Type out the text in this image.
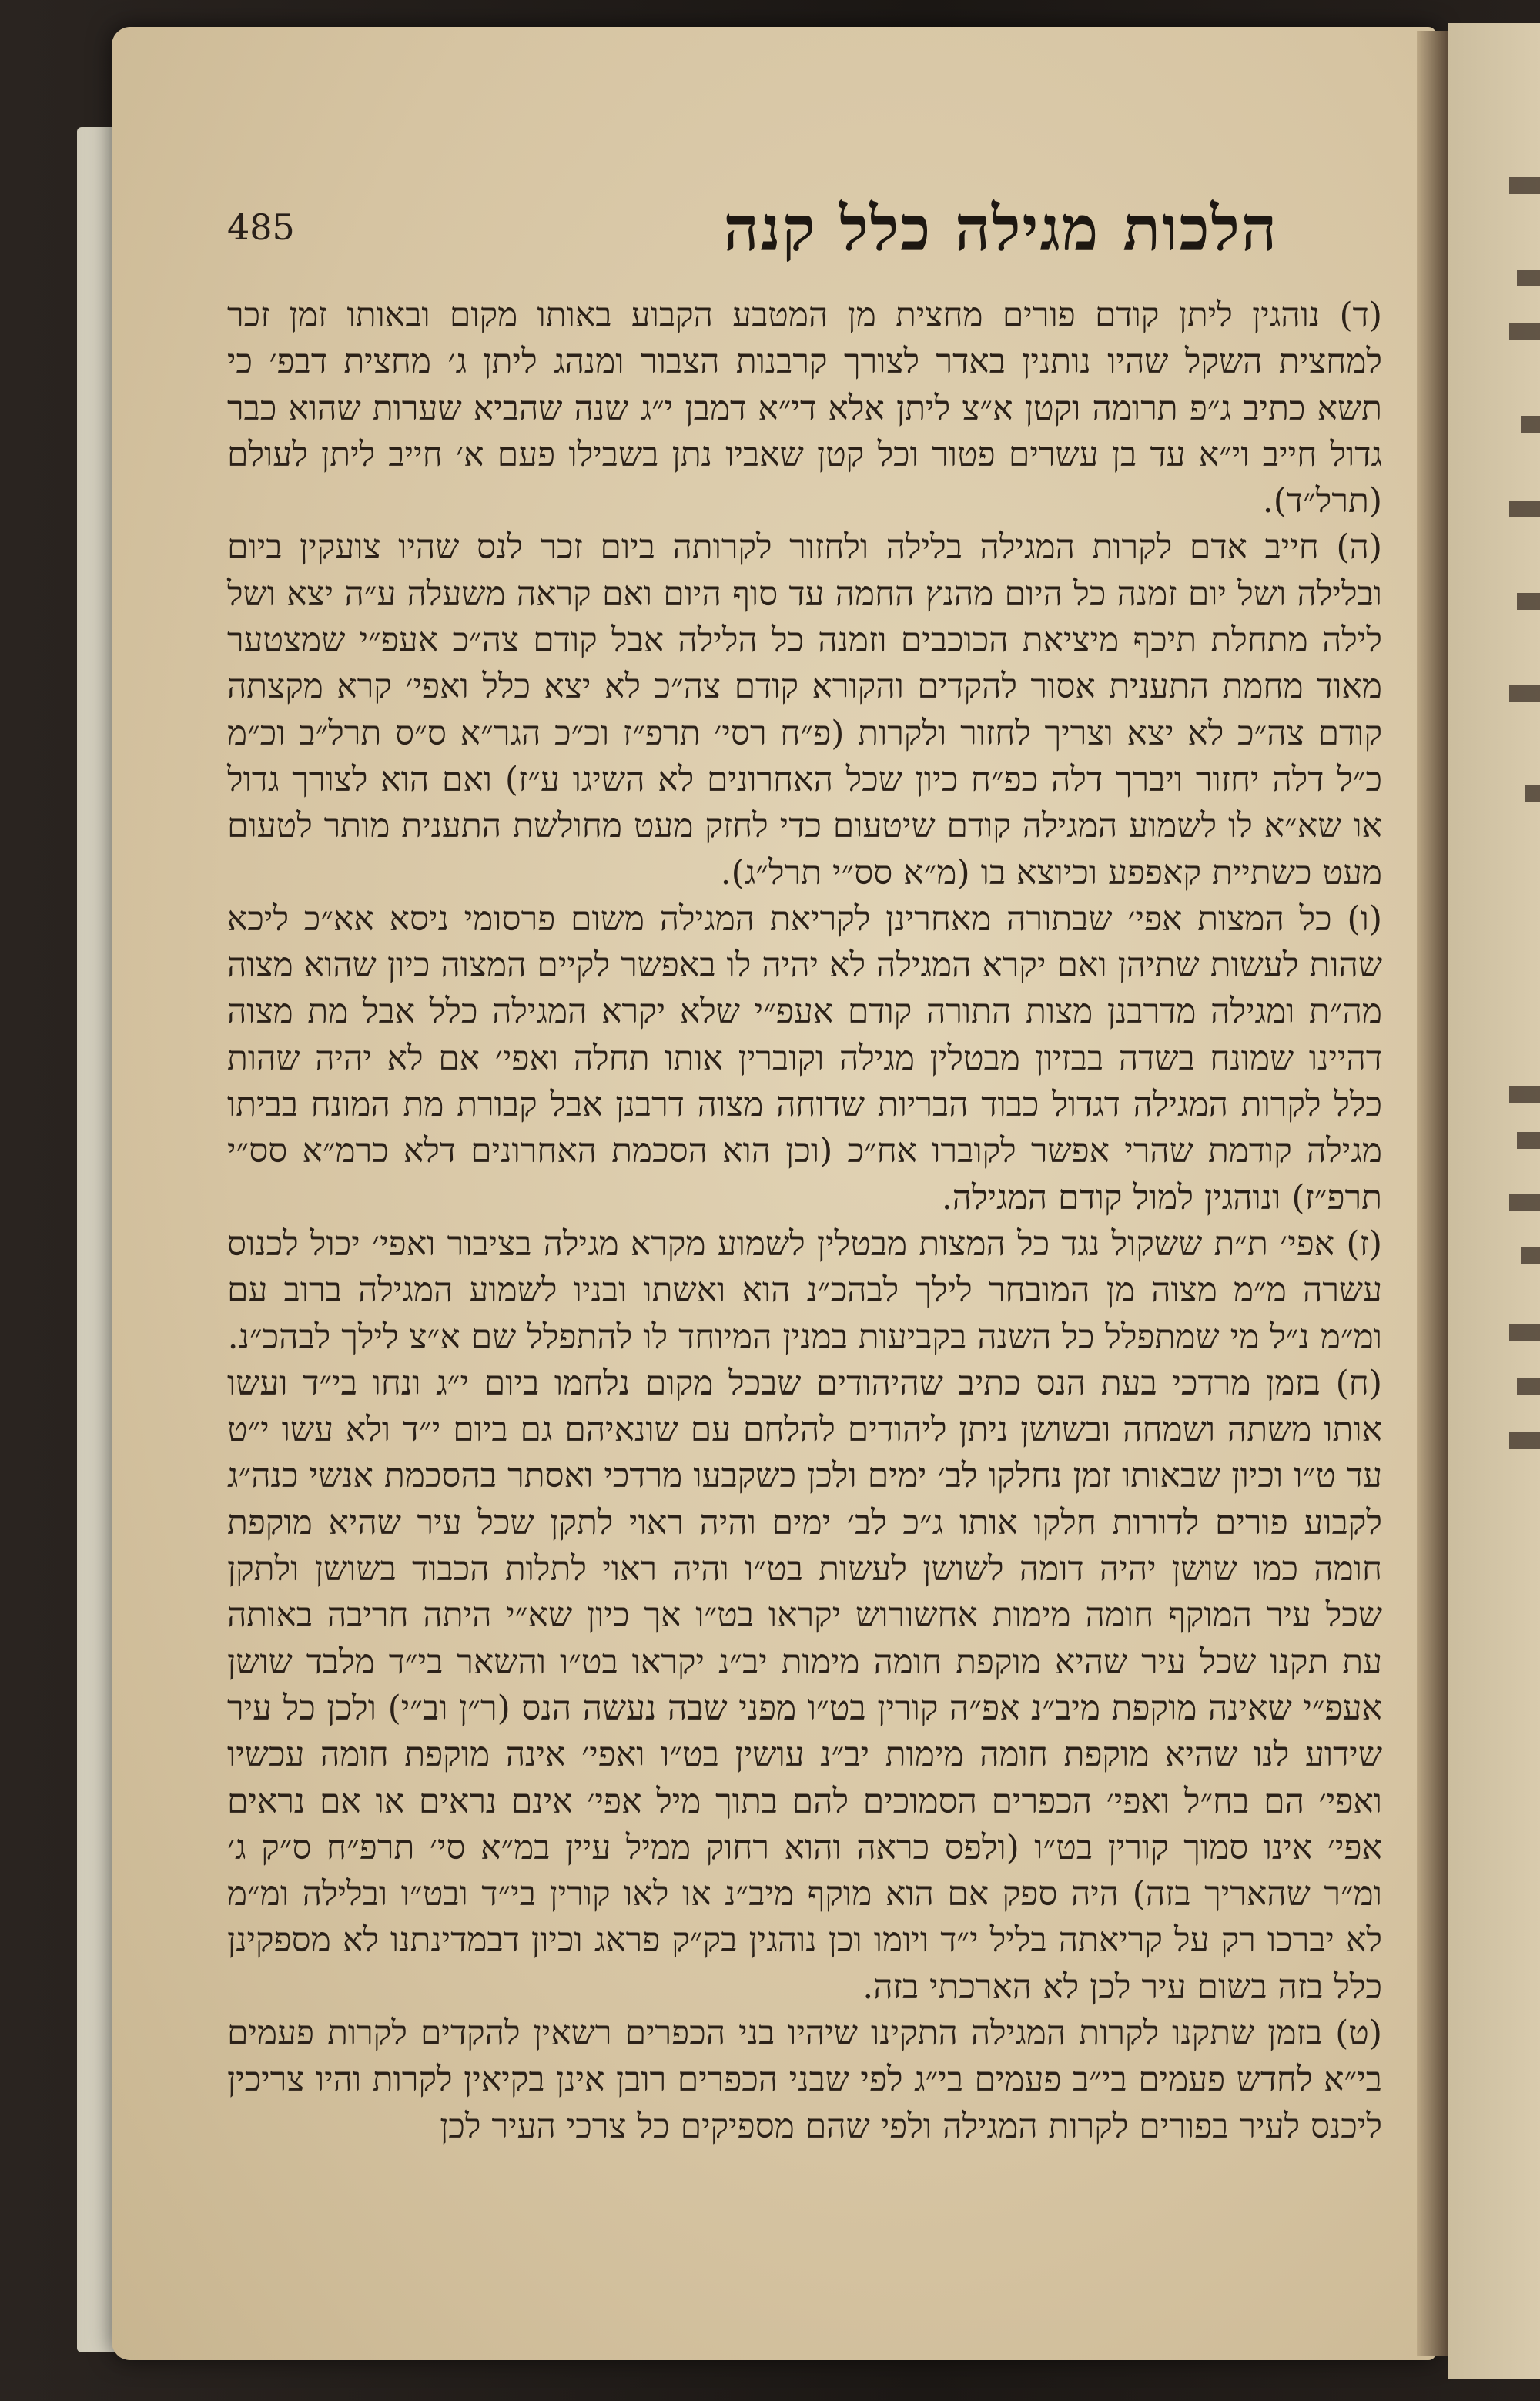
485	הלכות מגילה כלל קנה

(ד) נוהגין ליתן קודם פורים מחצית מן המטבע הקבוע באותו מקום ובאותו זמן זכר למחצית השקל שהיו נותנין באדר לצורך קרבנות הצבור ומנהג ליתן ג׳ מחצית דבפ׳ כי תשא כתיב ג״פ תרומה וקטן א״צ ליתן אלא די״א דמבן י״ג שנה שהביא שערות שהוא כבר גדול חייב וי״א עד בן עשרים פטור וכל קטן שאביו נתן בשבילו פעם א׳ חייב ליתן לעולם (תרל״ד).

(ה) חייב אדם לקרות המגילה בלילה ולחזור לקרותה ביום זכר לנס שהיו צועקין ביום ובלילה ושל יום זמנה כל היום מהנץ החמה עד סוף היום ואם קראה משעלה ע״ה יצא ושל לילה מתחלת תיכף מיציאת הכוכבים וזמנה כל הלילה אבל קודם צה״כ אעפ״י שמצטער מאוד מחמת התענית אסור להקדים והקורא קודם צה״כ לא יצא כלל ואפי׳ קרא מקצתה קודם צה״כ לא יצא וצריך לחזור ולקרות (פ״ח רסי׳ תרפ״ז וכ״כ הגר״א ס״ס תרל״ב וכ״מ כ״ל דלה יחזור ויברך דלה כפ״ח כיון שכל האחרונים לא השיגו ע״ז) ואם הוא לצורך גדול או שא״א לו לשמוע המגילה קודם שיטעום כדי לחזק מעט מחולשת התענית מותר לטעום מעט כשתיית קאפפע וכיוצא בו (מ״א סס״י תרל״ג).

(ו) כל המצות אפי׳ שבתורה מאחרינן לקריאת המגילה משום פרסומי ניסא אא״כ ליכא שהות לעשות שתיהן ואם יקרא המגילה לא יהיה לו באפשר לקיים המצוה כיון שהוא מצוה מה״ת ומגילה מדרבנן מצות התורה קודם אעפ״י שלא יקרא המגילה כלל אבל מת מצוה דהיינו שמונח בשדה בבזיון מבטלין מגילה וקוברין אותו תחלה ואפי׳ אם לא יהיה שהות כלל לקרות המגילה דגדול כבוד הבריות שדוחה מצוה דרבנן אבל קבורת מת המונח בביתו מגילה קודמת שהרי אפשר לקוברו אח״כ (וכן הוא הסכמת האחרונים דלא כרמ״א סס״י תרפ״ז) ונוהגין למול קודם המגילה.

(ז) אפי׳ ת״ת ששקול נגד כל המצות מבטלין לשמוע מקרא מגילה בציבור ואפי׳ יכול לכנוס עשרה מ״מ מצוה מן המובחר לילך לבהכ״נ הוא ואשתו ובניו לשמוע המגילה ברוב עם ומ״מ נ״ל מי שמתפלל כל השנה בקביעות במנין המיוחד לו להתפלל שם א״צ לילך לבהכ״נ.

(ח) בזמן מרדכי בעת הנס כתיב שהיהודים שבכל מקום נלחמו ביום י״ג ונחו בי״ד ועשו אותו משתה ושמחה ובשושן ניתן ליהודים להלחם עם שונאיהם גם ביום י״ד ולא עשו י״ט עד ט״ו וכיון שבאותו זמן נחלקו לב׳ ימים ולכן כשקבעו מרדכי ואסתר בהסכמת אנשי כנה״ג לקבוע פורים לדורות חלקו אותו ג״כ לב׳ ימים והיה ראוי לתקן שכל עיר שהיא מוקפת חומה כמו שושן יהיה דומה לשושן לעשות בט״ו והיה ראוי לתלות הכבוד בשושן ולתקן שכל עיר המוקף חומה מימות אחשורוש יקראו בט״ו אך כיון שא״י היתה חריבה באותה עת תקנו שכל עיר שהיא מוקפת חומה מימות יב״נ יקראו בט״ו והשאר בי״ד מלבד שושן אעפ״י שאינה מוקפת מיב״נ אפ״ה קורין בט״ו מפני שבה נעשה הנס (ר״ן וב״י) ולכן כל עיר שידוע לנו שהיא מוקפת חומה מימות יב״נ עושין בט״ו ואפי׳ אינה מוקפת חומה עכשיו ואפי׳ הם בח״ל ואפי׳ הכפרים הסמוכים להם בתוך מיל אפי׳ אינם נראים או אם נראים אפי׳ אינו סמוך קורין בט״ו (ולפס כראה והוא רחוק ממיל עיין במ״א סי׳ תרפ״ח ס״ק ג׳ ומ״ר שהאריך בזה) היה ספק אם הוא מוקף מיב״נ או לאו קורין בי״ד ובט״ו ובלילה ומ״מ לא יברכו רק על קריאתה בליל י״ד ויומו וכן נוהגין בק״ק פראג וכיון דבמדינתנו לא מספקינן כלל בזה בשום עיר לכן לא הארכתי בזה.

(ט) בזמן שתקנו לקרות המגילה התקינו שיהיו בני הכפרים רשאין להקדים לקרות פעמים בי״א לחדש פעמים בי״ב פעמים בי״ג לפי שבני הכפרים רובן אינן בקיאין לקרות והיו צריכין ליכנס לעיר בפורים לקרות המגילה ולפי שהם מספיקים כל צרכי העיר לכן
